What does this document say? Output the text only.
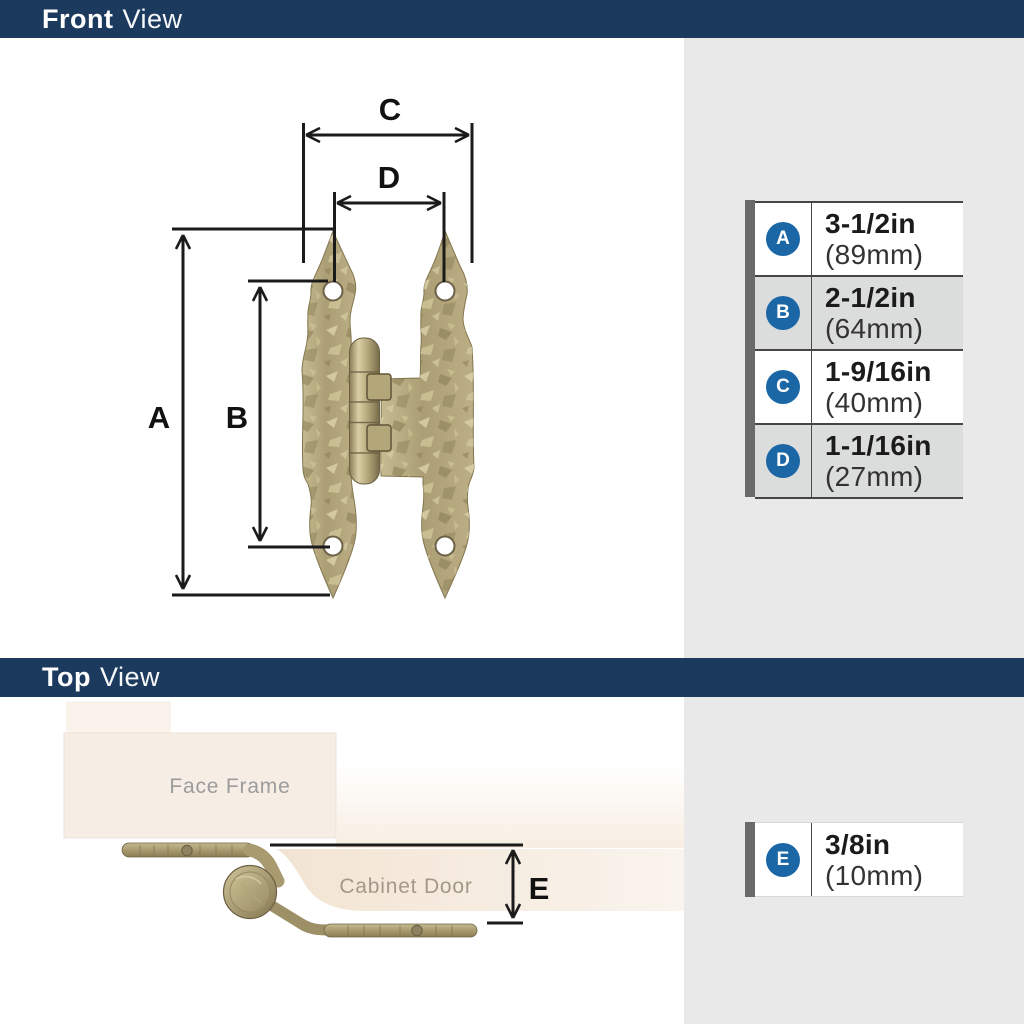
Front View
Top View
C
D
A B
Face Frame
Cabinet Door E
A	3-1/2in
(89mm)
B	2-1/2in
(64mm)
C	1-9/16in
(40mm)
D	1-1/16in
(27mm)
E	3/8in
(10mm)
